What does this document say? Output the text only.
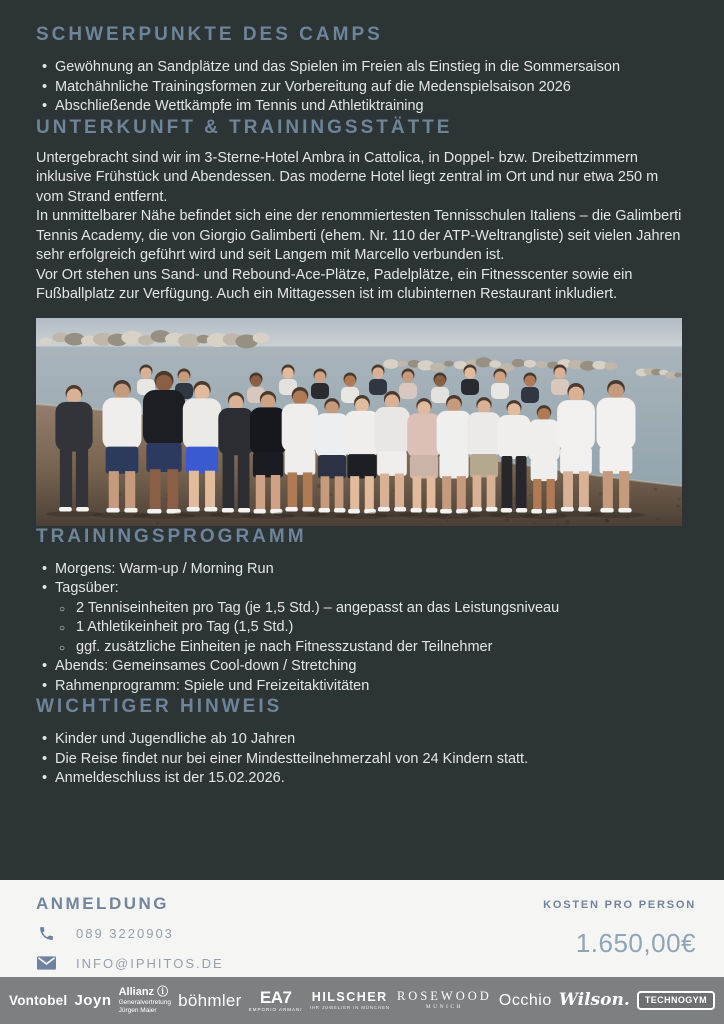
SCHWERPUNKTE DES CAMPS
• Gewöhnung an Sandplätze und das Spielen im Freien als Einstieg in die Sommersaison
• Matchähnliche Trainingsformen zur Vorbereitung auf die Medenspielsaison 2026
• Abschließende Wettkämpfe im Tennis und Athletiktraining
UNTERKUNFT & TRAININGSSTÄTTE

Untergebracht sind wir im 3-Sterne-Hotel Ambra in Cattolica, in Doppel- bzw. Dreibettzimmern inklusive Frühstück und Abendessen. Das moderne Hotel liegt zentral im Ort und nur etwa 250 m vom Strand entfernt.

In unmittelbarer Nähe befindet sich eine der renommiertesten Tennisschulen Italiens – die Galimberti Tennis Academy, die von Giorgio Galimberti (ehem. Nr. 110 der ATP-Weltrangliste) seit vielen Jahren sehr erfolgreich geführt wird und seit Langem mit Marcello verbunden ist.

Vor Ort stehen uns Sand- und Rebound-Ace-Plätze, Padelplätze, ein Fitnesscenter sowie ein Fußballplatz zur Verfügung. Auch ein Mittagessen ist im clubinternen Restaurant inkludiert.

TRAININGSPROGRAMM
• Morgens: Warm-up / Morning Run
• Tagsüber:
○ 2 Tenniseinheiten pro Tag (je 1,5 Std.) – angepasst an das Leistungsniveau
○ 1 Athletikeinheit pro Tag (1,5 Std.)
○ ggf. zusätzliche Einheiten je nach Fitnesszustand der Teilnehmer
• Abends: Gemeinsames Cool-down / Stretching
• Rahmenprogramm: Spiele und Freizeitaktivitäten
WICHTIGER HINWEIS
• Kinder und Jugendliche ab 10 Jahren
• Die Reise findet nur bei einer Mindestteilnehmerzahl von 24 Kindern statt.
• Anmeldeschluss ist der 15.02.2026.
ANMELDUNG
089 3220903
INFO@IPHITOS.DE
KOSTEN PRO PERSON
1.650,00€
Vontobel Joyn
Allianz ⓘ
Generalvertretung
Jürgen Maier
böhmler EA7
EMPORIO ARMANI
HILSCHER
IHR JUWELIER IN MÜNCHEN
ROSEWOOD
MUNICH Occhio Wilson.	TECHNOGYM
